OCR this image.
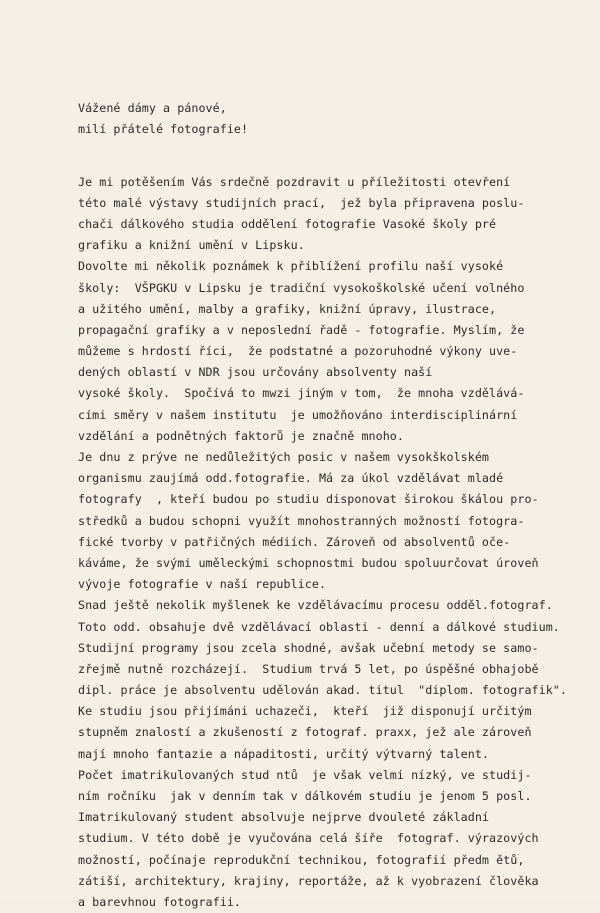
Vážené dámy a pánové,
milí přátelé fotografie!
Je mi potěšením Vás srdečně pozdravit u příležitosti otevření
této malé výstavy studijních prací,  jež byla připravena poslu-
chači dálkového studia oddělení fotografie Vasoké školy pré
grafiku a knižní umění v Lipsku.
Dovolte mi několik poznámek k přiblížení profilu naší vysoké
školy:  VŠPGKU v Lipsku je tradiční vysokoškolské učení volného
a užitého umění, malby a grafiky, knižní úpravy, ilustrace,
propagační grafiky a v neposlední řadě - fotografie. Myslím, že
můžeme s hrdostí říci,  že podstatné a pozoruhodné výkony uve-
dených oblastí v NDR jsou určovány absolventy naší
vysoké školy.  Spočívá to mwzi jiným v tom,  že mnoha vzdělává-
cími směry v našem institutu  je umožňováno interdisciplinární
vzdělání a podnětných faktorů je značně mnoho.
Je dnu z prýve ne nedůležitých posic v našem vysokškolském
organismu zaujímá odd.fotografie. Má za úkol vzdělávat mladé
fotografy  , kteří budou po studiu disponovat širokou škálou pro-
středků a budou schopni využít mnohostranných možností fotogra-
fické tvorby v patřičných médiích. Zároveň od absolventů oče-
káváme, že svými uměleckými schopnostmi budou spoluurčovat úroveň
vývoje fotografie v naší republice.
Snad ještě nekolik myšlenek ke vzdělávacímu procesu odděl.fotograf.
Toto odd. obsahuje dvě vzdělávací oblasti - denní a dálkové studium.
Studijní programy jsou zcela shodné, avšak učební metody se samo-
zřejmě nutně rozcházejí.  Studium trvá 5 let, po úspěšné obhajobě
dipl. práce je absolventu udělován akad. titul  "diplom. fotografik".
Ke studiu jsou přijímáni uchazeči,  kteří  již disponují určitým
stupněm znalostí a zkušeností z fotograf. praxx, jež ale zároveň
mají mnoho fantazie a nápaditosti, určitý výtvarný talent.
Počet imatrikulovaných stud ntů  je však velmi nízký, ve studij-
ním ročníku  jak v denním tak v dálkovém studiu je jenom 5 posl.
Imatrikulovaný student absolvuje nejprve dvouleté základní
studium. V této době je vyučována celá šíře  fotograf. výrazových
možností, počínaje reprodukční technikou, fotografií předm ětů,
zátiší, architektury, krajiny, reportáže, až k vyobrazení člověka
a barevhnou fotografii.
